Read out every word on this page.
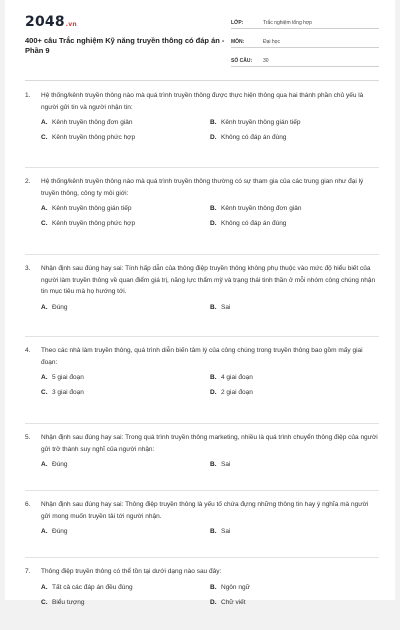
2048.vn
400+ câu Trắc nghiệm Kỹ năng truyền thông có đáp án - Phần 9
LỚP:	Trắc nghiệm tổng hợp
MÔN:	Đại học
SỐ CÂU:	30
1.	Hệ thống/kênh truyền thông nào mà quá trình truyền thông được thực hiện thông qua hai thành phần chủ yếu là người gửi tin và người nhận tin:
A. Kênh truyền thông đơn giản	B. Kênh truyền thông gián tiếp
C. Kênh truyền thông phức hợp	D. Không có đáp án đúng
2.	Hệ thống/kênh truyền thông nào mà quá trình truyền thông thường có sự tham gia của các trung gian như đại lý truyền thông, công ty môi giới:
A. Kênh truyền thông gián tiếp	B. Kênh truyền thông đơn giản
C. Kênh truyền thông phức hợp	D. Không có đáp án đúng
3.	Nhận định sau đúng hay sai: Tính hấp dẫn của thông điệp truyền thông không phụ thuộc vào mức độ hiểu biết của người làm truyền thông về quan điểm giá trị, năng lực thẩm mỹ và trạng thái tinh thần ở mỗi nhóm công chúng nhận tin mục tiêu mà họ hướng tới.
A. Đúng	B. Sai
4.	Theo các nhà làm truyền thông, quá trình diễn biến tâm lý của công chúng trong truyền thông bao gồm mấy giai đoạn:
A. 5 giai đoạn	B. 4 giai đoạn
C. 3 giai đoạn	D. 2 giai đoạn
5.	Nhận định sau đúng hay sai: Trong quá trình truyền thông marketing, nhiều là quá trình chuyển thông điệp của người gửi trở thành suy nghĩ của người nhận:
A. Đúng	B. Sai
6.	Nhận định sau đúng hay sai: Thông điệp truyền thông là yếu tố chứa đựng những thông tin hay ý nghĩa mà người gửi mong muốn truyền tải tới người nhận.
A. Đúng	B. Sai
7.	Thông điệp truyền thông có thể tồn tại dưới dạng nào sau đây:
A. Tất cả các đáp án đều đúng	B. Ngôn ngữ
C. Biểu tượng	D. Chữ viết
